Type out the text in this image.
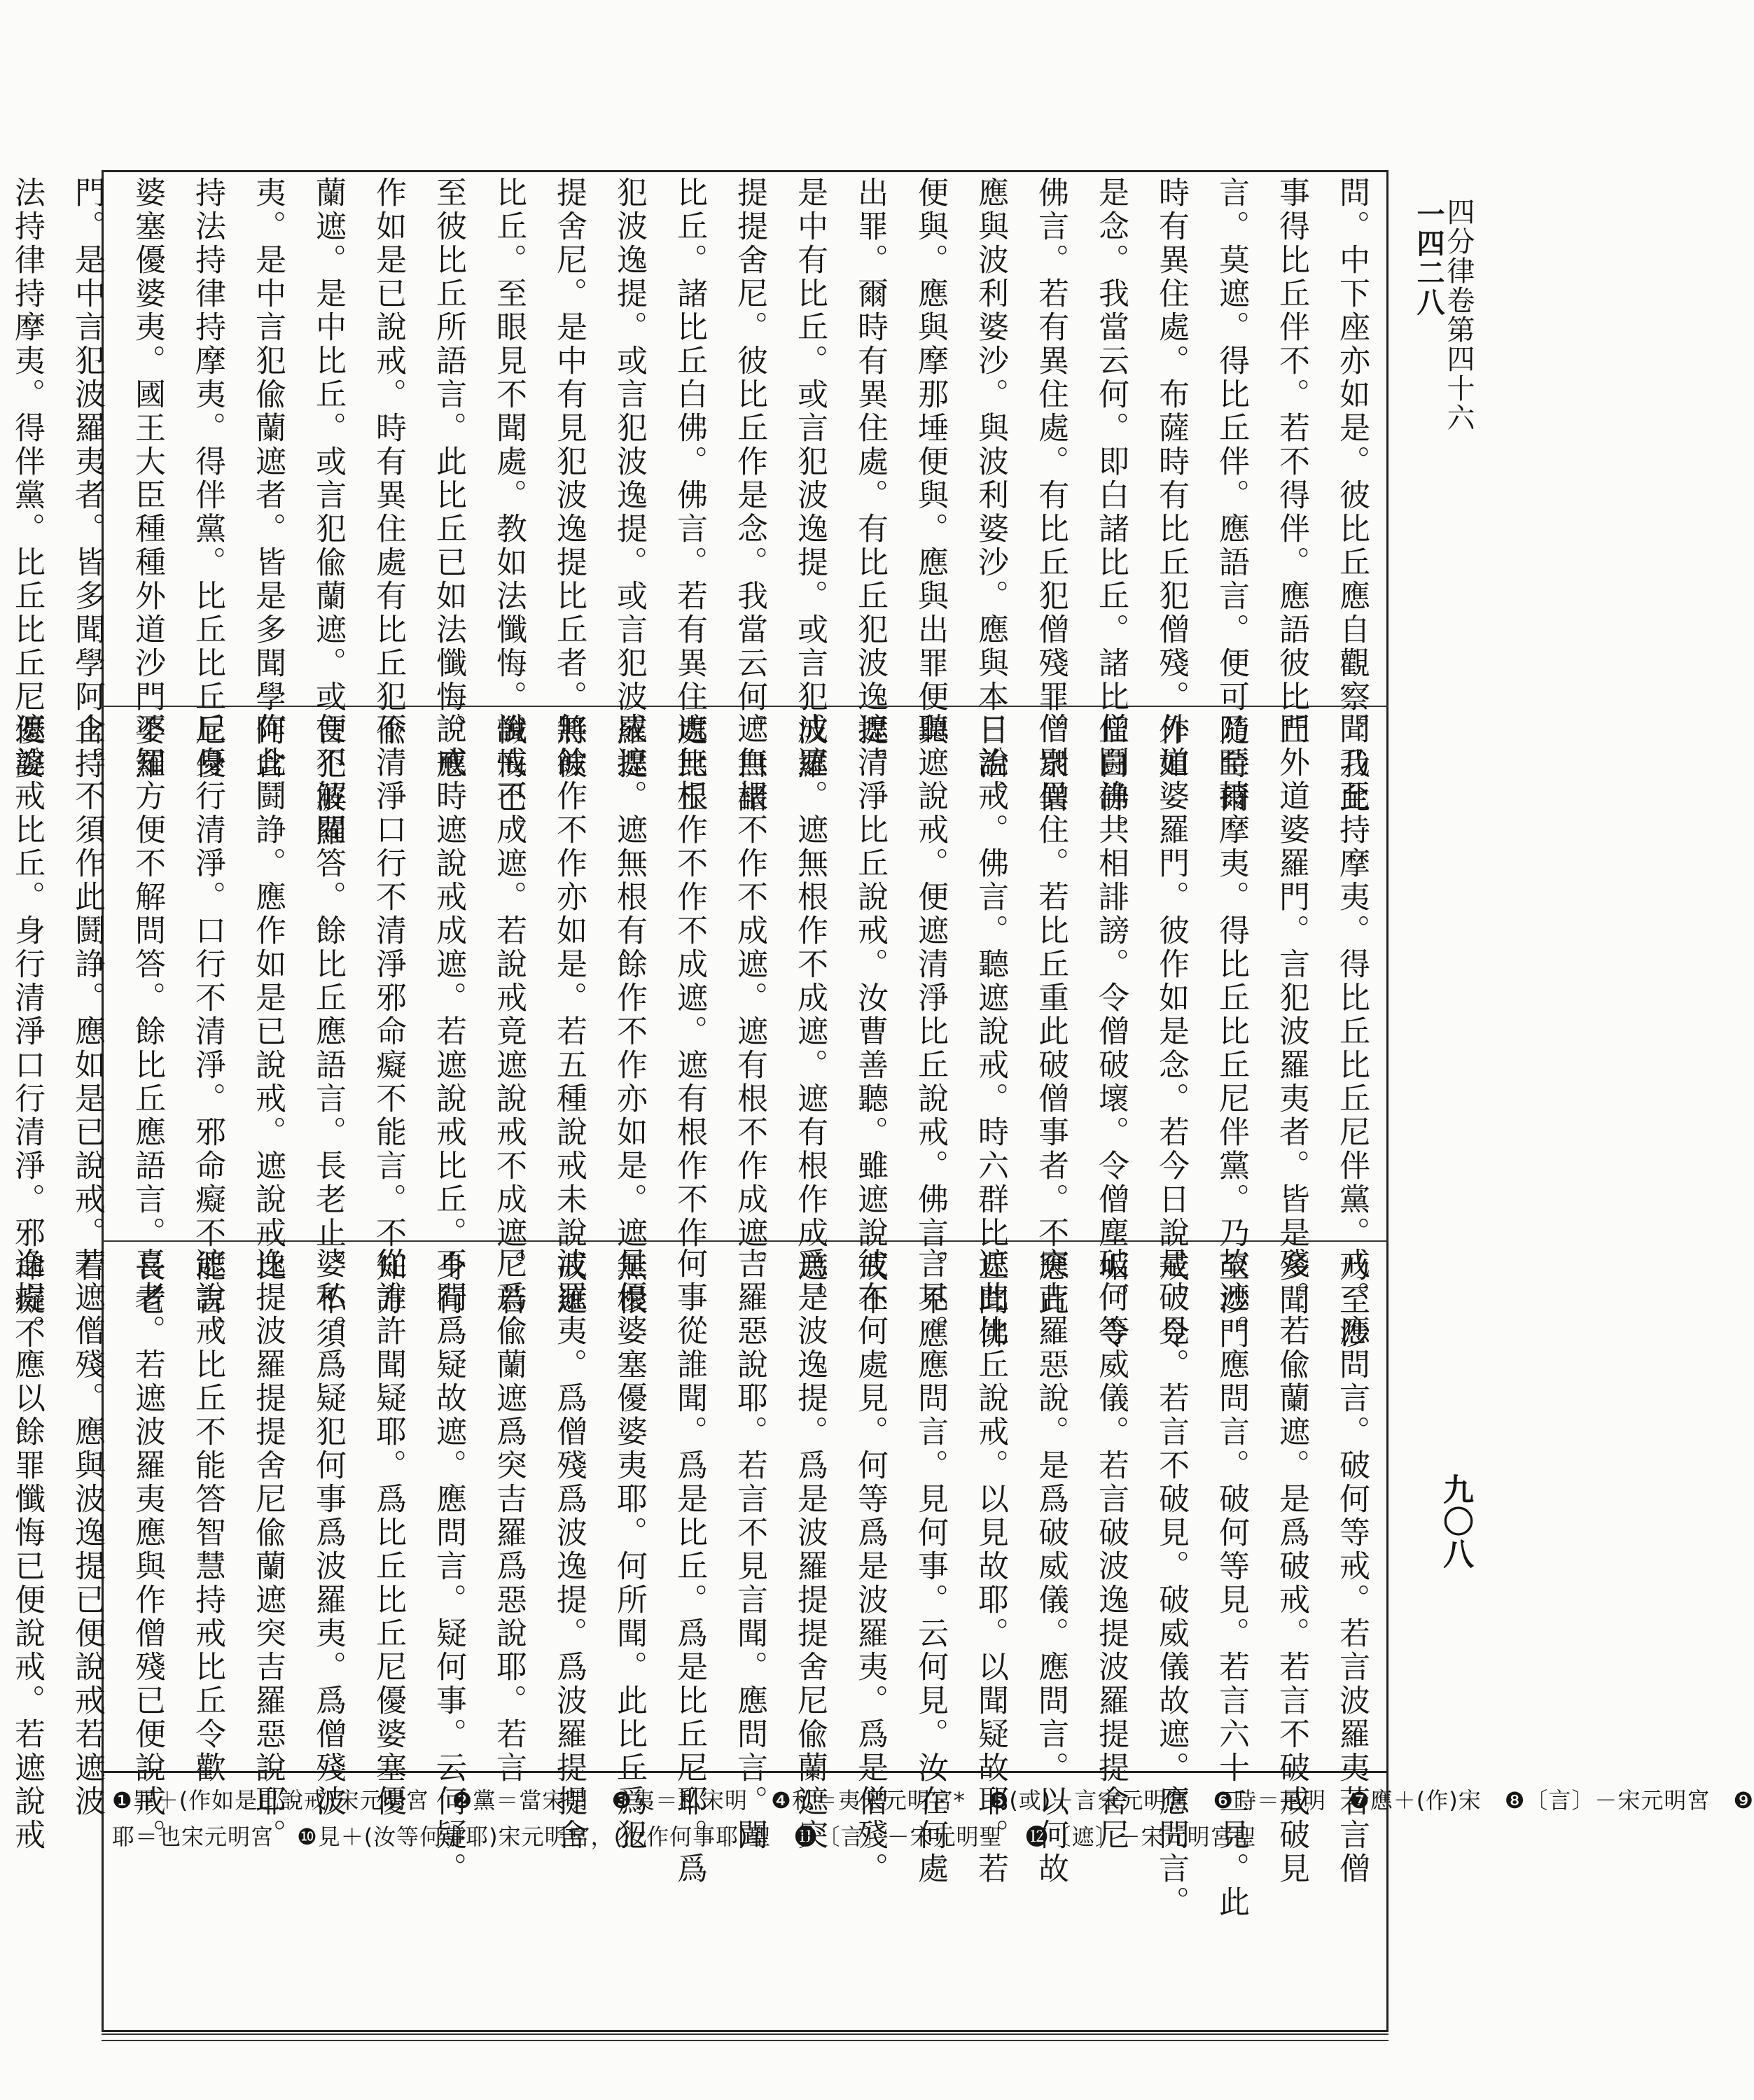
一四二八
四分律卷第四十六
九〇八
問。中下座亦如是。彼比丘應自觀察。我此
事得比丘伴不。若不得伴。應語彼比丘
言。莫遮。得比丘伴。應語言。便可隨時爾
時有異住處。布薩時有比丘犯僧殘。作如
是念。我當云何。即白諸比丘。諸比丘白佛。
佛言。若有異住處。有比丘犯僧殘罪。衆僧
應與波利婆沙。與波利婆沙。應與本日治。
便與。應與摩那埵便與。應與出罪便與
出罪。爾時有異住處。有比丘犯波逸提。
是中有比丘。或言犯波逸提。或言犯波羅
提提舍尼。彼比丘作是念。我當云何。白諸
比丘。諸比丘白佛。佛言。若有異住處比丘
犯波逸提。或言犯波逸提。或言犯波羅提
提舍尼。是中有見犯波逸提比丘者。將彼
比丘。至眼見不聞處。教如法懺悔。懺悔已。
至彼比丘所語言。此比丘已如法懺悔。應
作如是已說戒。時有異住處有比丘犯偸
蘭遮。是中比丘。或言犯偸蘭遮。或言犯波羅
夷。是中言犯偸蘭遮者。皆是多聞學阿含
持法持律持摩夷。得伴黨。比丘比丘尼優
婆塞優婆夷。國王大臣種種外道沙門婆羅
門。是中言犯波羅夷者。皆多聞學阿含持
法持律持摩夷。得伴黨。比丘比丘尼優婆
聞乃至持摩夷。得比丘比丘尼伴黨。乃至沙
門外道婆羅門。言犯波羅夷者。皆是多聞
乃至持摩夷。得比丘比丘尼伴黨。乃至沙門
外道婆羅門。彼作如是念。若今日說戒。令
僧鬪諍共相誹謗。令僧破壞。令僧塵垢。令
僧別異住。若比丘重此破僧事者。不應此
日說戒。佛言。聽遮說戒。時六群比丘聞佛
聽遮說戒。便遮清淨比丘說戒。佛言。不應
遮清淨比丘說戒。汝曹善聽。雖遮說戒不
成遮。遮無根作不成遮。遮有根作成遮。
遮無根不作不成遮。遮有根不作成遮。
遮無根作不作不成遮。遮有根作不作
成遮。遮無根有餘作不作亦如是。遮無根
無餘作不作亦如是。若五種說戒未說戒遮
說戒不成遮。若說戒竟遮說戒不成遮。若
說戒時遮說戒成遮。若遮說戒比丘。身行
不清淨口行不清淨邪命癡不能言。不知方
便不解問答。餘比丘應語言。長老止。不須
作此鬪諍。應作如是已說戒。遮說戒比
丘身行清淨。口行不清淨。邪命癡不能言。
不知方便不解問答。餘比丘應語言。長老
止。不須作此鬪諍。應如是已說戒。若
遮說戒比丘。身行清淨口行清淨。邪命癡不
戒。應問言。破何等戒。若言波羅夷若言僧
殘。若偸蘭遮。是爲破戒。若言不破戒破見
故遮。應問言。破何等見。若言六十二見。此
是破見。若言不破見。破威儀故遮。應問言。
破何等威儀。若言破波逸提波羅提提舍尼
突吉羅惡說。是爲破威儀。應問言。以何故
遮此比丘說戒。以見故耶。以聞疑故耶。若
言見。應問言。見何事。云何見。汝在何處
彼在何處見。何等爲是波羅夷。爲是僧殘。
爲是波逸提。爲是波羅提提舍尼偸蘭遮突
吉羅惡說耶。若言不見言聞。應問言。聞
何事從誰聞。爲是比丘。爲是比丘尼耶。爲
是優婆塞優婆夷耶。何所聞。此比丘爲犯
波羅夷。爲僧殘爲波逸提。爲波羅提提舍
尼爲偸蘭遮爲突吉羅爲惡說耶。若言
不聞爲疑故遮。應問言。疑何事。云何疑。
從誰許聞疑耶。爲比丘比丘尼優婆塞優
婆私。爲疑犯何事爲波羅夷。爲僧殘波
逸提波羅提提舍尼偸蘭遮突吉羅惡說耶。
遮說戒比丘不能答智慧持戒比丘令歡
喜者。若遮波羅夷應與作僧殘已便說戒。
若遮僧殘。應與波逸提已便說戒若遮波
逸提。應以餘罪懺悔已便說戒。若遮說戒	❶罪＋(作如是已說戒)宋元明宮　❷黨＝當宋明　❸夷＝私宋明　❹私＝夷宋元明宮*　❺(或)＋言宋元明宮　❻時＝是明　❼應＋(作)宋　❽〔言〕－宋元明宮　❾
耶＝也宋元明宮　❿見＋(汝等何事耶)宋元明宮，(汝作何事耶)聖　⓫〔言〕－宋元明聖　⓬〔遮〕－宋元明宮聖
